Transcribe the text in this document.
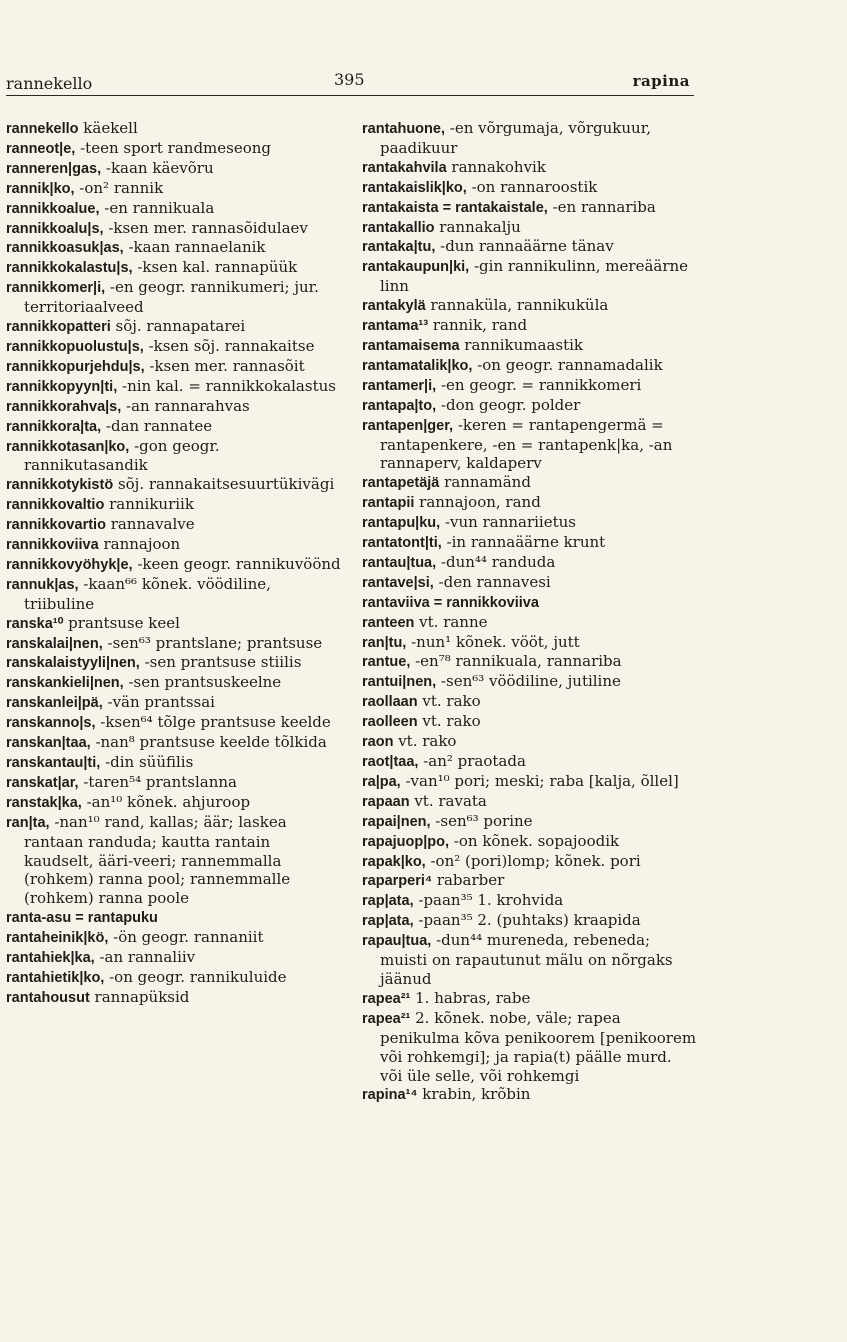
rannekello	395	rapina

rannekello käekell

ranneot|e, -teen sport randmeseong

ranneren|gas, -kaan käevõru

rannik|ko, -on² rannik

rannikkoalue, -en rannikuala

rannikkoalu|s, -ksen mer. rannasõidulaev

rannikkoasuk|as, -kaan rannaelanik

rannikkokalastu|s, -ksen kal. rannapüük

rannikkomer|i, -en geogr. rannikumeri; jur. territoriaalveed

rannikkopatteri sõj. rannapatarei

rannikkopuolustu|s, -ksen sõj. rannakaitse

rannikkopurjehdu|s, -ksen mer. rannasõit

rannikkopyyn|ti, -nin kal. = rannikkokalastus

rannikkorahva|s, -an rannarahvas

rannikkora|ta, -dan rannatee

rannikkotasan|ko, -gon geogr. rannikutasandik

rannikkotykistö sõj. rannakaitsesuurtükivägi

rannikkovaltio rannikuriik

rannikkovartio rannavalve

rannikkoviiva rannajoon

rannikkovyöhyk|e, -keen geogr. rannikuvöönd

rannuk|as, -kaan⁶⁶ kõnek. vöödiline, triibuline

ranska¹⁰ prantsuse keel

ranskalai|nen, -sen⁶³ prantslane; prantsuse

ranskalaistyyli|nen, -sen prantsuse stiilis

ranskankieli|nen, -sen prantsuskeelne

ranskanlei|pä, -vän prantssai

ranskanno|s, -ksen⁶⁴ tõlge prantsuse keelde

ranskan|taa, -nan⁸ prantsuse keelde tõlkida

ranskantau|ti, -din süüfilis

ranskat|ar, -taren⁵⁴ prantslanna

ranstak|ka, -an¹⁰ kõnek. ahjuroop

ran|ta, -nan¹⁰ rand, kallas; äär; laskea rantaan randuda; kautta rantain kaudselt, ääri-veeri; rannemmalla (rohkem) ranna pool; rannemmalle (rohkem) ranna poole

ranta-asu = rantapuku

rantaheinik|kö, -ön geogr. rannaniit

rantahiek|ka, -an rannaliiv

rantahietik|ko, -on geogr. rannikuluide

rantahousut rannapüksid

rantahuone, -en võrgumaja, võrgukuur, paadikuur

rantakahvila rannakohvik

rantakaislik|ko, -on rannaroostik

rantakaista = rantakaistale, -en rannariba

rantakallio rannakalju

rantaka|tu, -dun rannaäärne tänav

rantakaupun|ki, -gin rannikulinn, mereäärne linn

rantakylä rannaküla, rannikuküla

rantama¹³ rannik, rand

rantamaisema rannikumaastik

rantamatalik|ko, -on geogr. rannamadalik

rantamer|i, -en geogr. = rannikkomeri

rantapa|to, -don geogr. polder

rantapen|ger, -keren = rantapengermä = rantapenkere, -en = rantapenk|ka, -an rannaperv, kaldaperv

rantapetäjä rannamänd

rantapii rannajoon, rand

rantapu|ku, -vun rannariietus

rantatont|ti, -in rannaäärne krunt

rantau|tua, -dun⁴⁴ randuda

rantave|si, -den rannavesi

rantaviiva = rannikkoviiva

ranteen vt. ranne

ran|tu, -nun¹ kõnek. vööt, jutt

rantue, -en⁷⁸ rannikuala, rannariba

rantui|nen, -sen⁶³ vöödiline, jutiline

raollaan vt. rako

raolleen vt. rako

raon vt. rako

raot|taa, -an² praotada

ra|pa, -van¹⁰ pori; meski; raba [kalja, õllel]

rapaan vt. ravata

rapai|nen, -sen⁶³ porine

rapajuop|po, -on kõnek. sopajoodik

rapak|ko, -on² (pori)lomp; kõnek. pori

raparperi⁴ rabarber

rap|ata, -paan³⁵ 1. krohvida

rap|ata, -paan³⁵ 2. (puhtaks) kraapida

rapau|tua, -dun⁴⁴ mureneda, rebeneda; muisti on rapautunut mälu on nõrgaks jäänud

rapea²¹ 1. habras, rabe

rapea²¹ 2. kõnek. nobe, väle; rapea penikulma kõva penikoorem [penikoorem või rohkemgi]; ja rapia(t) päälle murd. või üle selle, või rohkemgi

rapina¹⁴ krabin, krõbin
